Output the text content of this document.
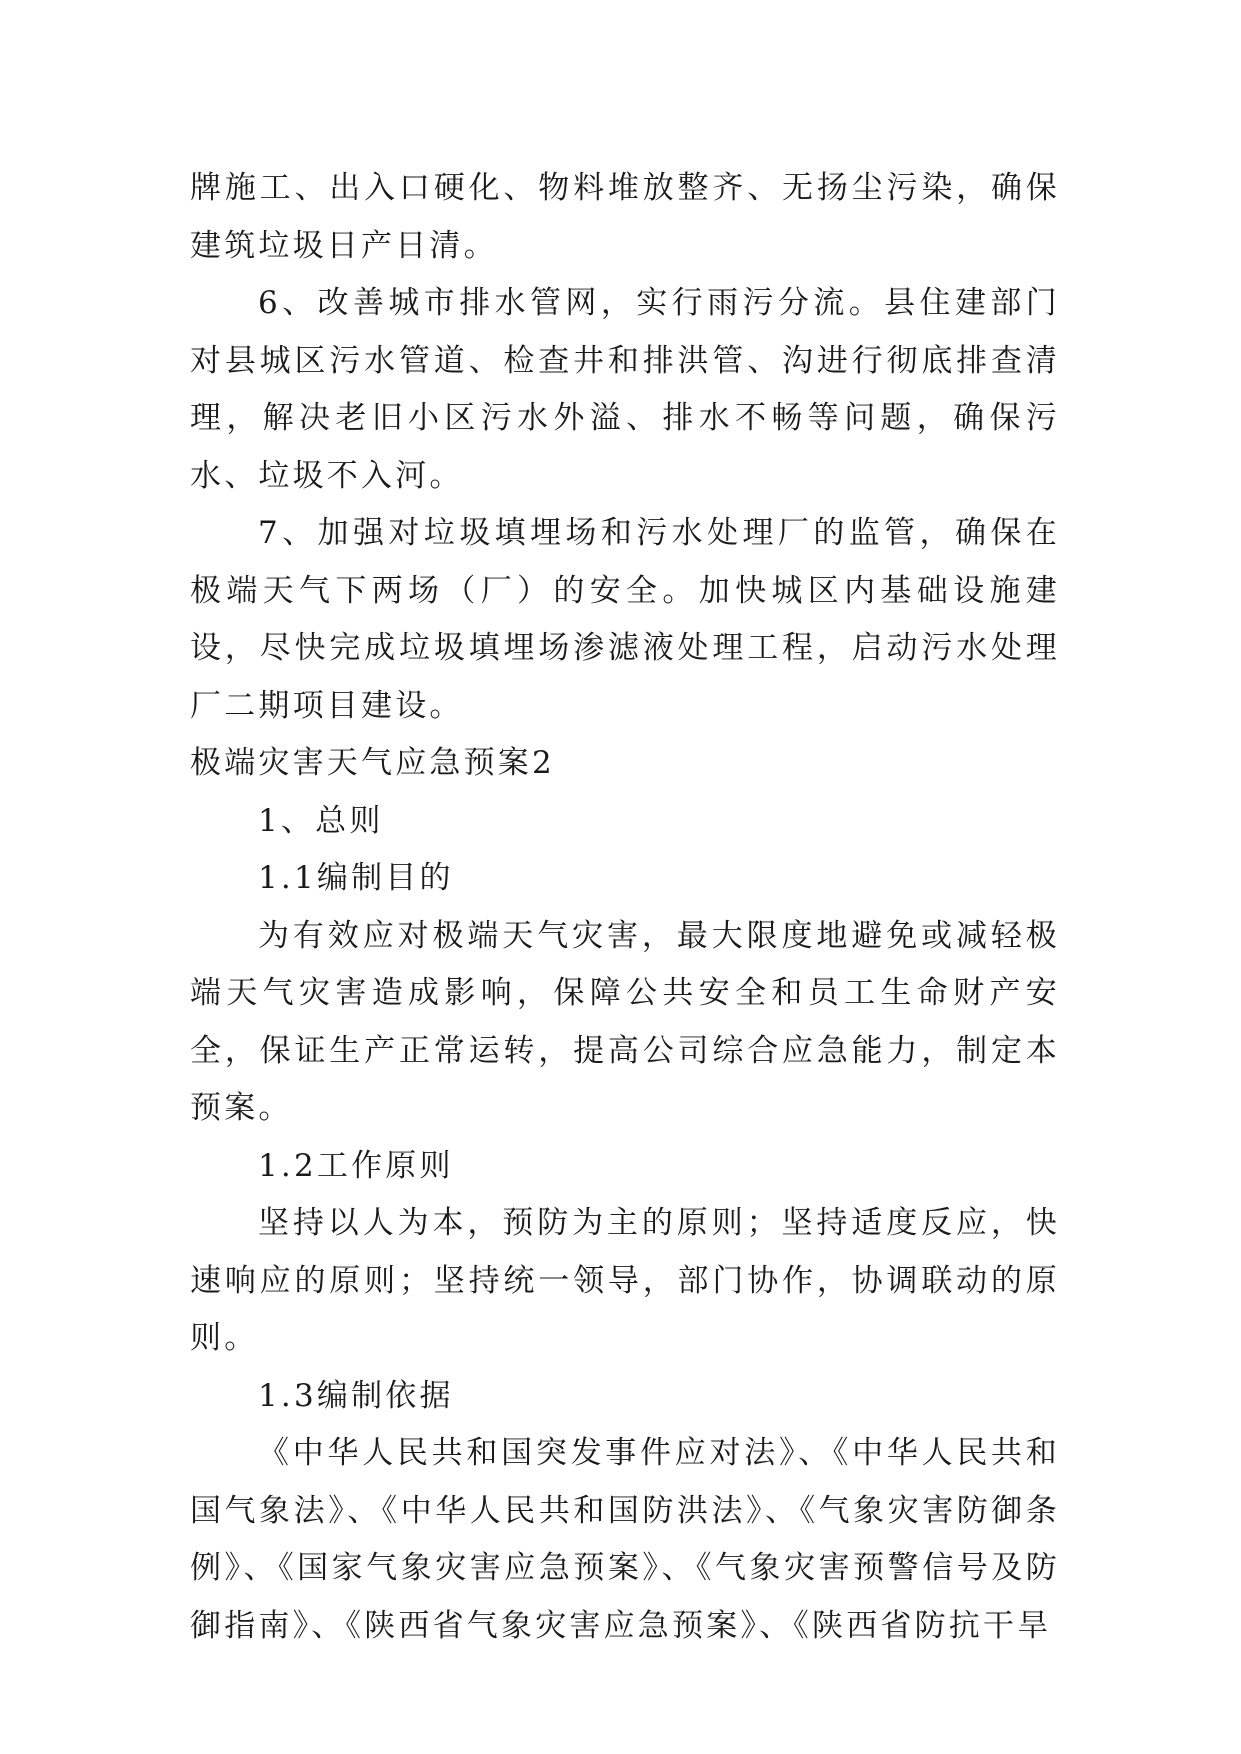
牌施工、出入口硬化、物料堆放整齐、无扬尘污染，确保建筑垃圾日产日清。

6、改善城市排水管网，实行雨污分流。县住建部门对县城区污水管道、检查井和排洪管、沟进行彻底排查清理，解决老旧小区污水外溢、排水不畅等问题，确保污水、垃圾不入河。

7、加强对垃圾填埋场和污水处理厂的监管，确保在极端天气下两场（厂）的安全。加快城区内基础设施建设，尽快完成垃圾填埋场渗滤液处理工程，启动污水处理厂二期项目建设。

极端灾害天气应急预案2

1、总则

1.1编制目的

为有效应对极端天气灾害，最大限度地避免或减轻极端天气灾害造成影响，保障公共安全和员工生命财产安全，保证生产正常运转，提高公司综合应急能力，制定本预案。

1.2工作原则

坚持以人为本，预防为主的原则；坚持适度反应，快速响应的原则；坚持统一领导，部门协作，协调联动的原则。

1.3编制依据

《中华人民共和国突发事件应对法》、《中华人民共和国气象法》、《中华人民共和国防洪法》、《气象灾害防御条例》、《国家气象灾害应急预案》、《气象灾害预警信号及防御指南》、《陕西省气象灾害应急预案》、《陕西省防抗干旱
